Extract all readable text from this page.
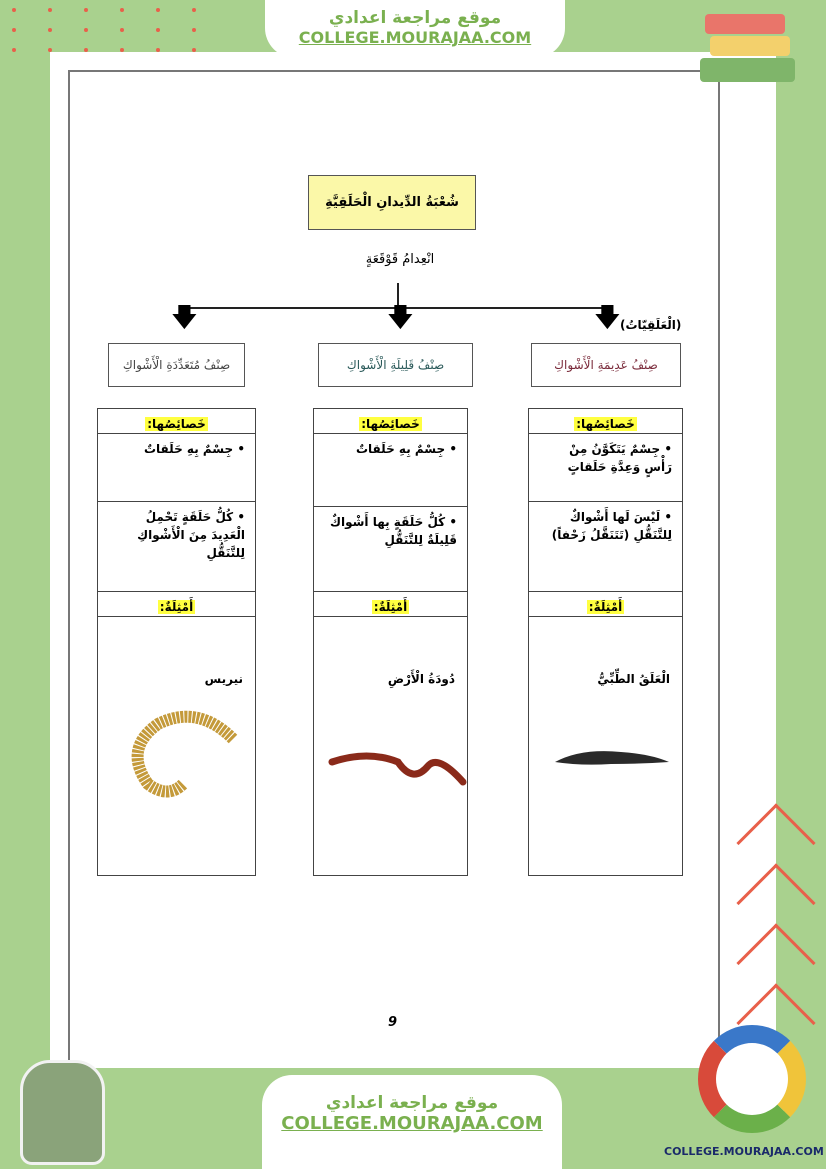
موقع مراجعة اعدادي
COLLEGE.MOURAJAA.COM
شُعْبَةُ الدِّيدانِ الْحَلَقِيَّةِ
انْعِدامُ قَوْقَعَةٍ
🡇	🡇	🡇 (الْعَلَقِيّاتُ)
صِنْفُ عَدِيمَةِ الْأَشْواكِ
صِنْفُ قَلِيلَةِ الْأَشْواكِ
صِنْفُ مُتَعَدِّدَةِ الْأَشْواكِ
خَصائِصُها:
• جِسْمٌ يَتَكَوَّنُ مِنْ رَأْسٍ وَعِدَّةِ حَلَقاتٍ
• لَيْسَ لَها أَشْواكٌ لِلتَّنَقُّلِ (تَتَنَقَّلُ زَحْفاً)
أَمْثِلَةٌ:
الْعَلَقُ الطِّبِّيُّ
خَصائِصُها:
• جِسْمٌ بِهِ حَلَقاتٌ
• كُلُّ حَلَقَةٍ بِها أَشْواكٌ قَلِيلَةٌ لِلتَّنَقُّلِ
أَمْثِلَةٌ:
دُودَةُ الْأَرْضِ
خَصائِصُها:
• جِسْمٌ بِهِ حَلَقاتٌ
• كُلُّ حَلَقَةٍ تَحْمِلُ الْعَدِيدَ مِنَ الْأَشْواكِ لِلتَّنَقُّلِ
أَمْثِلَةٌ:
نيريس
9
موقع مراجعة اعدادي
COLLEGE.MOURAJAA.COM
COLLEGE.MOURAJAA.COM
